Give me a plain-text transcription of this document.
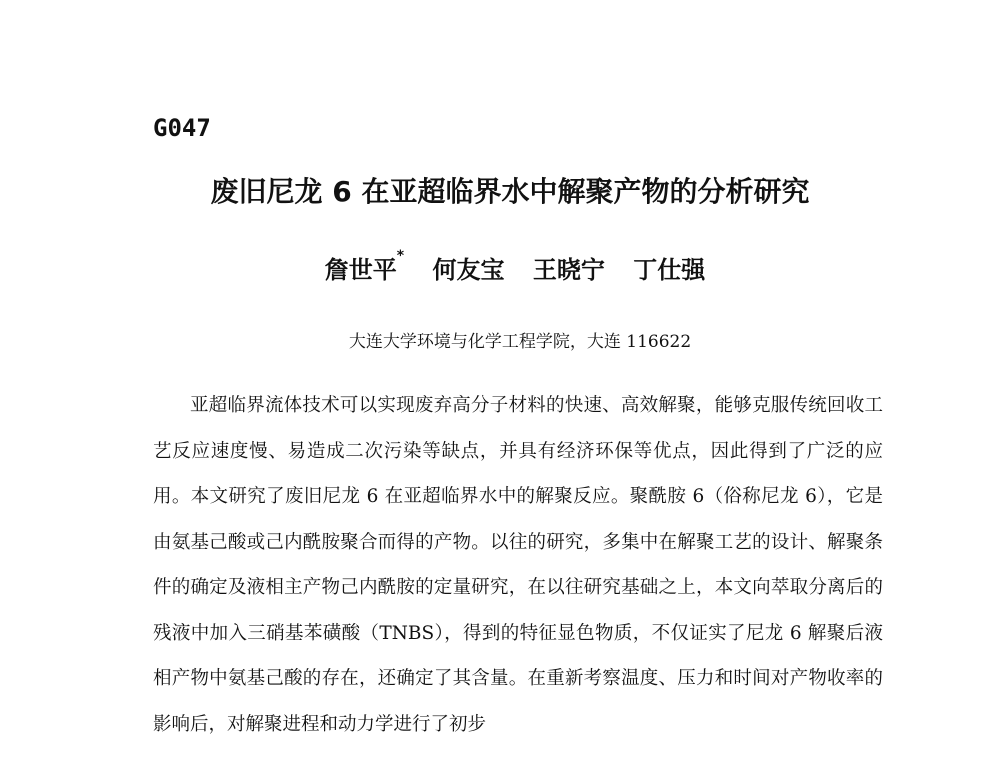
G047
废旧尼龙 6 在亚超临界水中解聚产物的分析研究
詹世平* 何友宝 王晓宁 丁仕强
大连大学环境与化学工程学院，大连 116622

亚超临界流体技术可以实现废弃高分子材料的快速、高效解聚，能够克服传统回收工艺反应速度慢、易造成二次污染等缺点，并具有经济环保等优点，因此得到了广泛的应用。本文研究了废旧尼龙 6 在亚超临界水中的解聚反应。聚酰胺 6（俗称尼龙 6），它是由氨基己酸或己内酰胺聚合而得的产物。以往的研究，多集中在解聚工艺的设计、解聚条件的确定及液相主产物己内酰胺的定量研究，在以往研究基础之上，本文向萃取分离后的残液中加入三硝基苯磺酸（TNBS），得到的特征显色物质，不仅证实了尼龙 6 解聚后液相产物中氨基己酸的存在，还确定了其含量。在重新考察温度、压力和时间对产物收率的影响后，对解聚进程和动力学进行了初步
